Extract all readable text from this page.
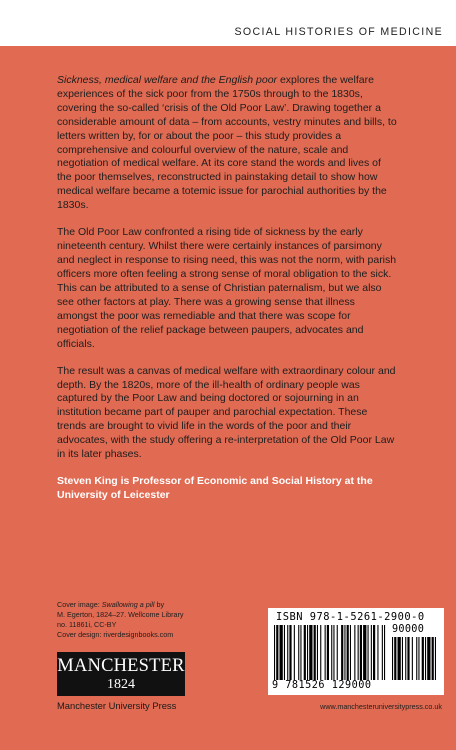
SOCIAL HISTORIES OF MEDICINE

Sickness, medical welfare and the English poor explores the welfare experiences of the sick poor from the 1750s through to the 1830s, covering the so-called ‘crisis of the Old Poor Law’. Drawing together a considerable amount of data – from accounts, vestry minutes and bills, to letters written by, for or about the poor – this study provides a comprehensive and colourful overview of the nature, scale and negotiation of medical welfare. At its core stand the words and lives of the poor themselves, reconstructed in painstaking detail to show how medical welfare became a totemic issue for parochial authorities by the 1830s.

The Old Poor Law confronted a rising tide of sickness by the early nineteenth century. Whilst there were certainly instances of parsimony and neglect in response to rising need, this was not the norm, with parish officers more often feeling a strong sense of moral obligation to the sick. This can be attributed to a sense of Christian paternalism, but we also see other factors at play. There was a growing sense that illness amongst the poor was remediable and that there was scope for negotiation of the relief package between paupers, advocates and officials.

The result was a canvas of medical welfare with extraordinary colour and depth. By the 1820s, more of the ill-health of ordinary people was captured by the Poor Law and being doctored or sojourning in an institution became part of pauper and parochial expectation. These trends are brought to vivid life in the words of the poor and their advocates, with the study offering a re-interpretation of the Old Poor Law in its later phases.

Steven King is Professor of Economic and Social History at the University of Leicester

Cover image: Swallowing a pill by
M. Egerton, 1824–27. Wellcome Library
no. 11861i, CC-BY
Cover design: riverdesignbooks.com
MANCHESTER
1824
Manchester University Press
ISBN 978-1-5261-2900-0
90000
9 781526 129000
www.manchesteruniversitypress.co.uk
